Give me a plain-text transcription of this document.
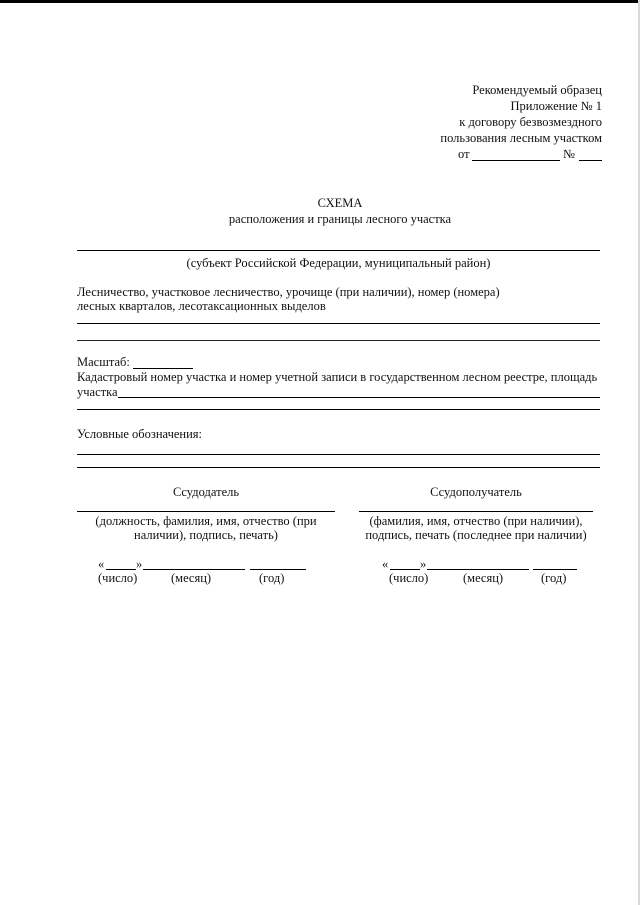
Рекомендуемый образец
Приложение № 1
к договору безвозмездного
пользования лесным участком
от	№
СХЕМА
расположения и границы лесного участка
(субъект Российской Федерации, муниципальный район)
Лесничество, участковое лесничество, урочище (при наличии), номер (номера)
лесных кварталов, лесотаксационных выделов
Масштаб:
Кадастровый номер участка и номер учетной записи в государственном лесном реестре, площадь
участка
Условные обозначения:
Ссудодатель
(должность, фамилия, имя, отчество (при
наличии), подпись, печать)
«	»
(число)	(месяц)	(год)
Ссудополучатель
(фамилия, имя, отчество (при наличии),
подпись, печать (последнее при наличии)
«	»
(число)	(месяц)	(год)
